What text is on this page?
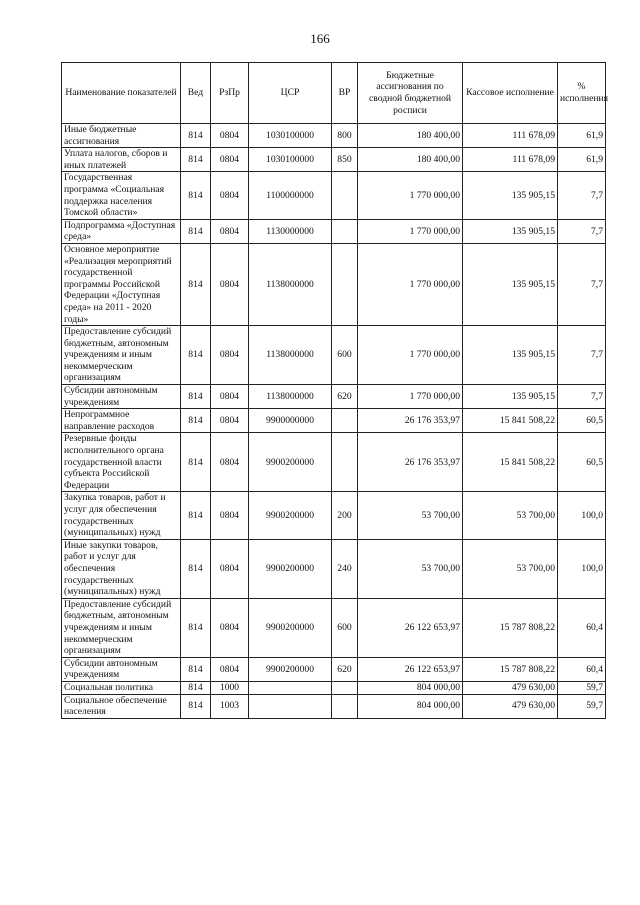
166
Наименование показателей	Вед	РзПр	ЦСР	ВР	Бюджетные ассигнования по сводной бюджетной росписи	Кассовое исполнение	% исполнения
Иные бюджетные ассигнования	814	0804	1030100000	800	180 400,00	111 678,09	61,9
Уплата налогов, сборов и иных платежей	814	0804	1030100000	850	180 400,00	111 678,09	61,9
Государственная программа «Социальная поддержка населения Томской области»	814	0804	1100000000		1 770 000,00	135 905,15	7,7
Подпрограмма «Доступная среда»	814	0804	1130000000		1 770 000,00	135 905,15	7,7
Основное мероприятие «Реализация мероприятий государственной программы Российской Федерации «Доступная среда» на 2011 - 2020 годы»	814	0804	1138000000		1 770 000,00	135 905,15	7,7
Предоставление субсидий бюджетным, автономным учреждениям и иным некоммерческим организациям	814	0804	1138000000	600	1 770 000,00	135 905,15	7,7
Субсидии автономным учреждениям	814	0804	1138000000	620	1 770 000,00	135 905,15	7,7
Непрограммное направление расходов	814	0804	9900000000		26 176 353,97	15 841 508,22	60,5
Резервные фонды исполнительного органа государственной власти субъекта Российской Федерации	814	0804	9900200000		26 176 353,97	15 841 508,22	60,5
Закупка товаров, работ и услуг для обеспечения государственных (муниципальных) нужд	814	0804	9900200000	200	53 700,00	53 700,00	100,0
Иные закупки товаров, работ и услуг для обеспечения государственных (муниципальных) нужд	814	0804	9900200000	240	53 700,00	53 700,00	100,0
Предоставление субсидий бюджетным, автономным учреждениям и иным некоммерческим организациям	814	0804	9900200000	600	26 122 653,97	15 787 808,22	60,4
Субсидии автономным учреждениям	814	0804	9900200000	620	26 122 653,97	15 787 808,22	60,4
Социальная политика	814	1000			804 000,00	479 630,00	59,7
Социальное обеспечение населения	814	1003			804 000,00	479 630,00	59,7
